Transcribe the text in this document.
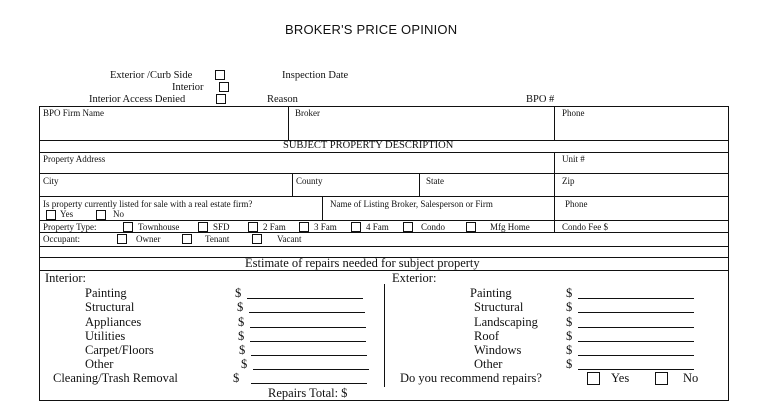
BROKER'S PRICE OPINION
Exterior /Curb Side
Interior
Interior Access Denied
Inspection Date
Reason	BPO #
BPO Firm Name	Broker	Phone
SUBJECT PROPERTY DESCRIPTION
Property Address	Unit #
City	County	State	Zip
Is property currently listed for sale with a real estate firm?
Yes	No
Name of Listing Broker, Salesperson or Firm	Phone
Property Type:	Townhouse	SFD	2 Fam	3 Fam	4 Fam	Condo	Mfg Home	Condo Fee $
Occupant:	Owner	Tenant	Vacant
Estimate of repairs needed for subject property
Interior:	Exterior:
Painting	$
Structural	$
Appliances	$
Utilities	$
Carpet/Floors	$
Other	$
Cleaning/Trash Removal	$
Painting	$
Structural	$
Landscaping $
Roof	$
Windows	$
Other	$
Do you recommend repairs?	Yes	No
Repairs Total: $
